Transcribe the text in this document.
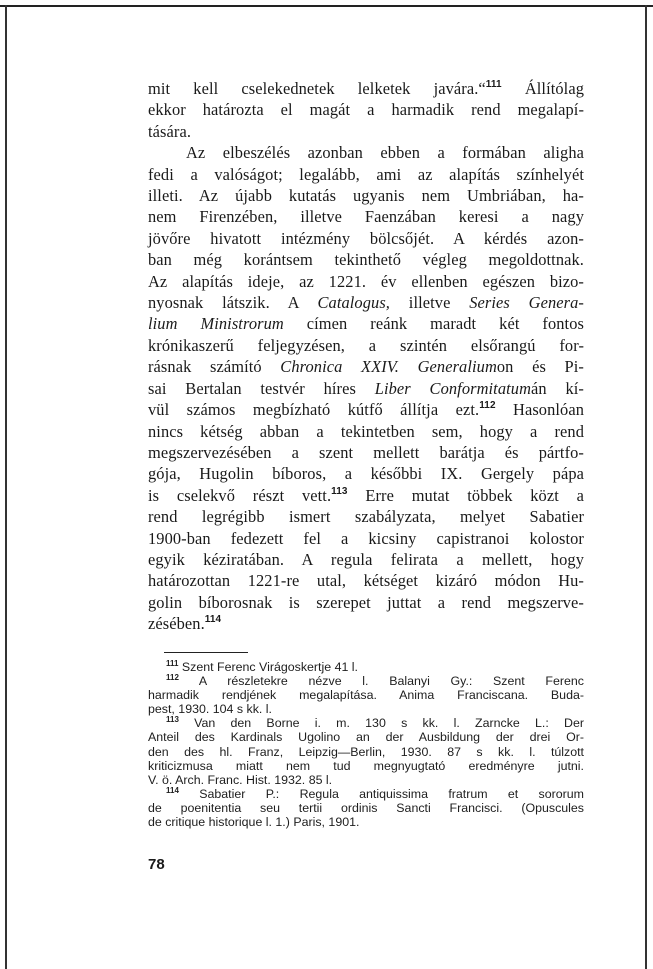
mit kell cselekednetek lelketek javára.“$^{111}$ Állítólag
ekkor határozta el magát a harmadik rend megalapí-
tására.
Az elbeszélés azonban ebben a formában aligha
fedi a valóságot; legalább, ami az alapítás színhelyét
illeti. Az újabb kutatás ugyanis nem Umbriában, ha-
nem Firenzében, illetve Faenzában keresi a nagy
jövőre hivatott intézmény bölcsőjét. A kérdés azon-
ban még korántsem tekinthető végleg megoldottnak.
Az alapítás ideje, az 1221. év ellenben egészen bizo-
nyosnak látszik. A Catalogus, illetve Series Genera-
lium Ministrorum címen reánk maradt két fontos
krónikaszerű feljegyzésen, a szintén elsőrangú for-
rásnak számító Chronica XXIV. Generaliumon és Pi-
sai Bertalan testvér híres Liber Conformitatumán kí-
vül számos megbízható kútfő állítja ezt.$^{112}$ Hasonlóan
nincs kétség abban a tekintetben sem, hogy a rend
megszervezésében a szent mellett barátja és pártfo-
gója, Hugolin bíboros, a későbbi IX. Gergely pápa
is cselekvő részt vett.$^{113}$ Erre mutat többek közt a
rend legrégibb ismert szabályzata, melyet Sabatier
1900-ban fedezett fel a kicsiny capistranoi kolostor
egyik kéziratában. A regula felirata a mellett, hogy
határozottan 1221-re utal, kétséget kizáró módon Hu-
golin bíborosnak is szerepet juttat a rend megszerve-
zésében.$^{114}$
$^{111}$ Szent Ferenc Virágoskertje 41 l.
$^{112}$ A részletekre nézve l. Balanyi Gy.: Szent Ferenc
harmadik rendjének megalapítása. Anima Franciscana. Buda-
pest, 1930. 104 s kk. l.
$^{113}$ Van den Borne i. m. 130 s kk. l. Zarncke L.: Der
Anteil des Kardinals Ugolino an der Ausbildung der drei Or-
den des hl. Franz, Leipzig—Berlin, 1930. 87 s kk. l. túlzott
kriticizmusa miatt nem tud megnyugtató eredményre jutni.
V. ö. Arch. Franc. Hist. 1932. 85 l.
$^{114}$ Sabatier P.: Regula antiquissima fratrum et sororum
de poenitentia seu tertii ordinis Sancti Francisci. (Opuscules
de critique historique l. 1.) Paris, 1901.
78
